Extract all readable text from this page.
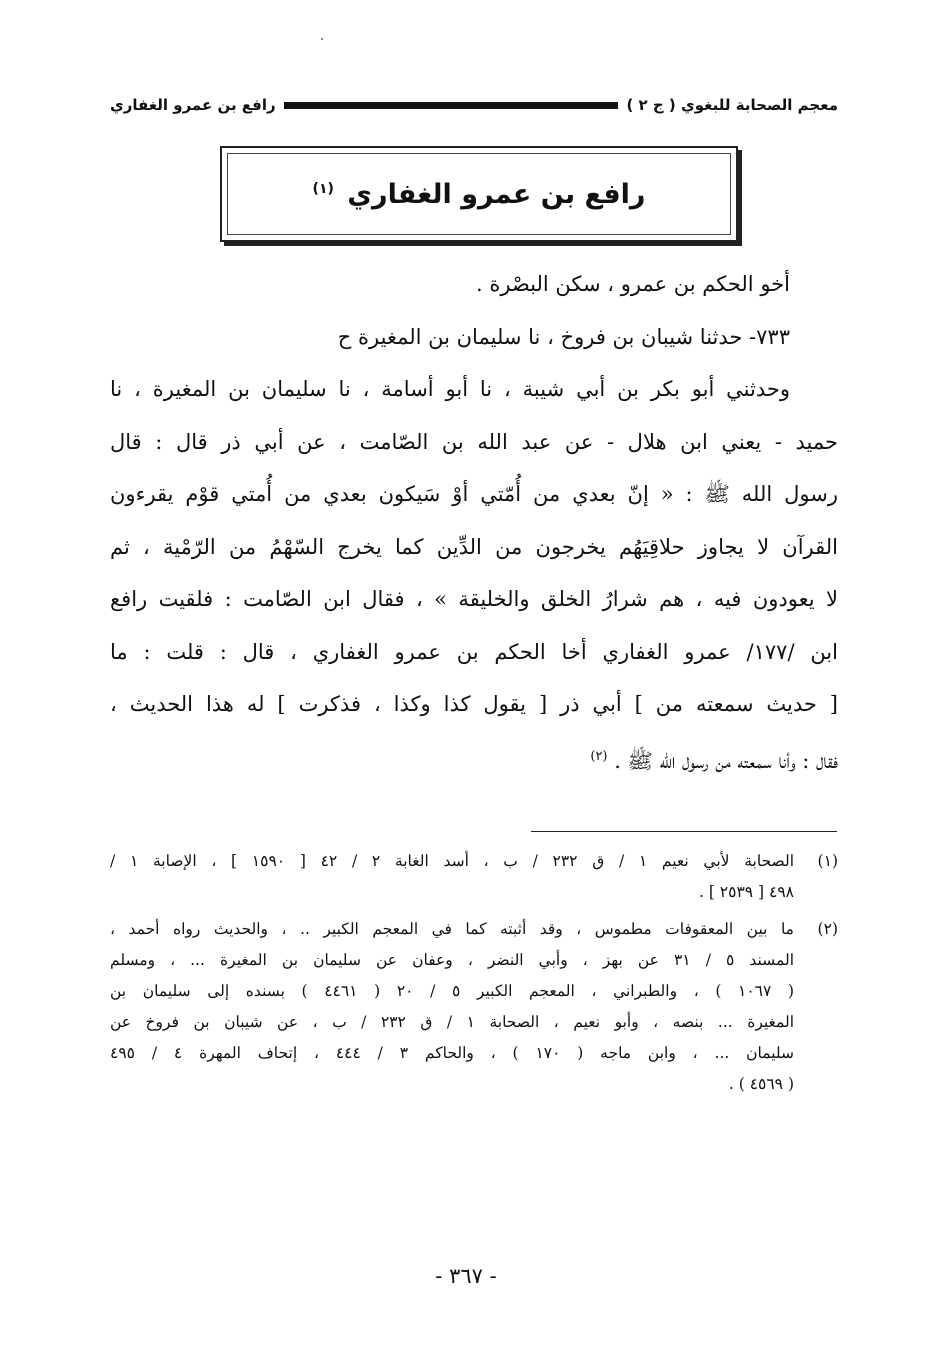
معجم الصحابة للبغوي ( ج ٢ )
رافع بن عمرو الغفاري
رافع بن عمرو الغفاري $^{(١)}$
أخو الحكم بن عمرو ، سكن البصْرة .
٧٣٣- حدثنا شيبان بن فروخ ، نا سليمان بن المغيرة ح
وحدثني أبو بكر بن أبي شيبة ، نا أبو أسامة ، نا سليمان بن المغيرة ، نا
حميد - يعني ابن هلال - عن عبد الله بن الصّامت ، عن أبي ذر قال : قال
رسول الله ﷺ : « إنّ بعدي من أُمّتي أوْ سَيكون بعدي من أُمتي قوْم يقرءون
القرآن لا يجاوز حلاقِيَهُم يخرجون من الدِّين كما يخرج السّهْمُ من الرّمْية ، ثم
لا يعودون فيه ، هم شرارُ الخلق والخليقة » ، فقال ابن الصّامت : فلقيت رافع
ابن /١٧٧/ عمرو الغفاري أخا الحكم بن عمرو الغفاري ، قال : قلت : ما
[ حديث سمعته من ] أبي ذر [ يقول كذا وكذا ، فذكرت ] له هذا الحديث ،
فقال : وأنا سمعته من رسول الله ﷺ . $^{(٢)}$
(١)
الصحابة لأبي نعيم ١ / ق ٢٣٢ / ب ، أسد الغابة ٢ / ٤٢ [ ١٥٩٠ ] ، الإصابة ١ /
٤٩٨ [ ٢٥٣٩ ] .
(٢)
ما بين المعقوفات مطموس ، وقد أثبته كما في المعجم الكبير .. ، والحديث رواه أحمد ،
المسند ٥ / ٣١ عن بهز ، وأبي النضر ، وعفان عن سليمان بن المغيرة ... ، ومسلم
( ١٠٦٧ ) ، والطبراني ، المعجم الكبير ٥ / ٢٠ ( ٤٤٦١ ) بسنده إلى سليمان بن
المغيرة ... بنصه ، وأبو نعيم ، الصحابة ١ / ق ٢٣٢ / ب ، عن شيبان بن فروخ عن
سليمان ... ، وابن ماجه ( ١٧٠ ) ، والحاكم ٣ / ٤٤٤ ، إتحاف المهرة ٤ / ٤٩٥
( ٤٥٦٩ ) .
- ٣٦٧ -
